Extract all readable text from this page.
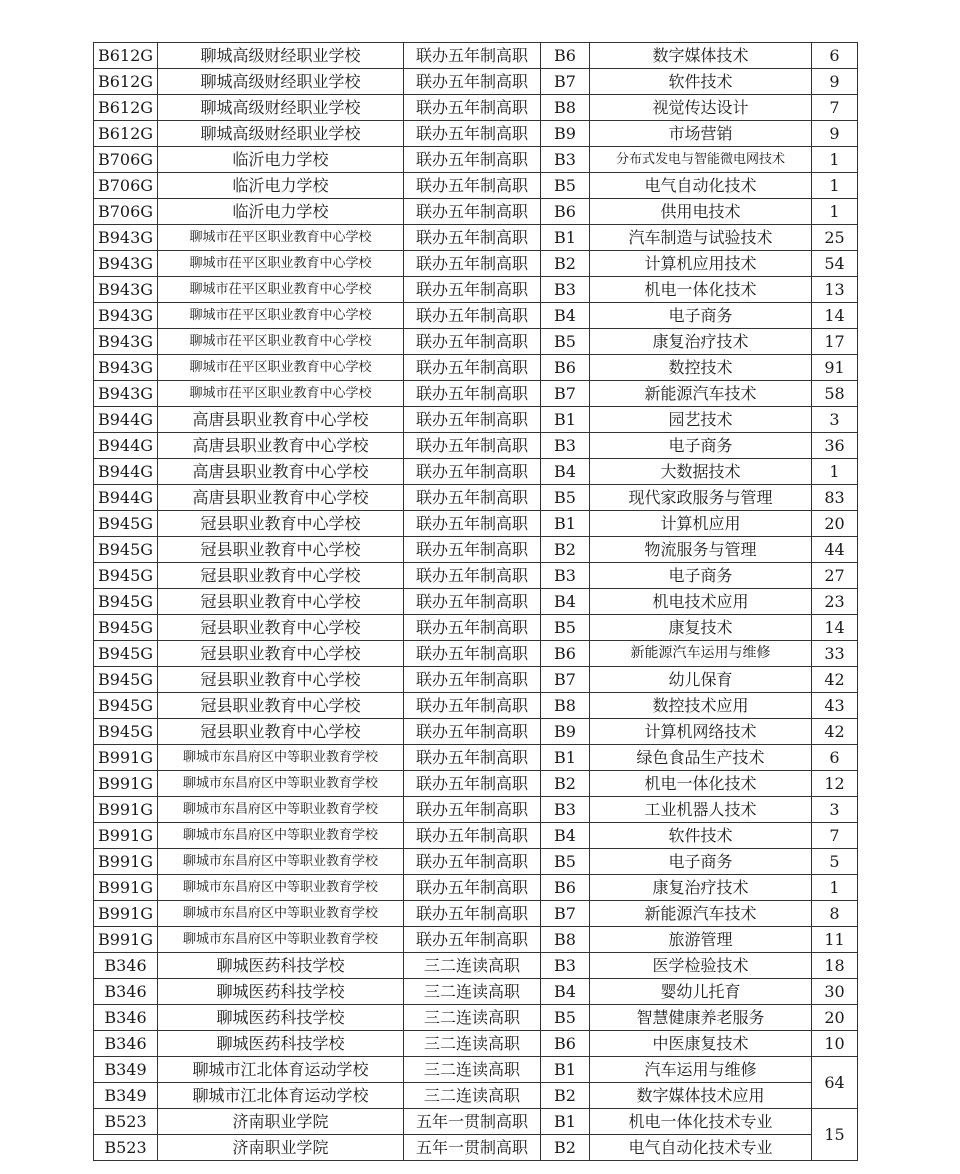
B612G	聊城高级财经职业学校	联办五年制高职	B6	数字媒体技术	6
B612G	聊城高级财经职业学校	联办五年制高职	B7	软件技术	9
B612G	聊城高级财经职业学校	联办五年制高职	B8	视觉传达设计	7
B612G	聊城高级财经职业学校	联办五年制高职	B9	市场营销	9
B706G	临沂电力学校	联办五年制高职	B3	分布式发电与智能微电网技术	1
B706G	临沂电力学校	联办五年制高职	B5	电气自动化技术	1
B706G	临沂电力学校	联办五年制高职	B6	供用电技术	1
B943G	聊城市茌平区职业教育中心学校	联办五年制高职	B1	汽车制造与试验技术	25
B943G	聊城市茌平区职业教育中心学校	联办五年制高职	B2	计算机应用技术	54
B943G	聊城市茌平区职业教育中心学校	联办五年制高职	B3	机电一体化技术	13
B943G	聊城市茌平区职业教育中心学校	联办五年制高职	B4	电子商务	14
B943G	聊城市茌平区职业教育中心学校	联办五年制高职	B5	康复治疗技术	17
B943G	聊城市茌平区职业教育中心学校	联办五年制高职	B6	数控技术	91
B943G	聊城市茌平区职业教育中心学校	联办五年制高职	B7	新能源汽车技术	58
B944G	高唐县职业教育中心学校	联办五年制高职	B1	园艺技术	3
B944G	高唐县职业教育中心学校	联办五年制高职	B3	电子商务	36
B944G	高唐县职业教育中心学校	联办五年制高职	B4	大数据技术	1
B944G	高唐县职业教育中心学校	联办五年制高职	B5	现代家政服务与管理	83
B945G	冠县职业教育中心学校	联办五年制高职	B1	计算机应用	20
B945G	冠县职业教育中心学校	联办五年制高职	B2	物流服务与管理	44
B945G	冠县职业教育中心学校	联办五年制高职	B3	电子商务	27
B945G	冠县职业教育中心学校	联办五年制高职	B4	机电技术应用	23
B945G	冠县职业教育中心学校	联办五年制高职	B5	康复技术	14
B945G	冠县职业教育中心学校	联办五年制高职	B6	新能源汽车运用与维修	33
B945G	冠县职业教育中心学校	联办五年制高职	B7	幼儿保育	42
B945G	冠县职业教育中心学校	联办五年制高职	B8	数控技术应用	43
B945G	冠县职业教育中心学校	联办五年制高职	B9	计算机网络技术	42
B991G	聊城市东昌府区中等职业教育学校	联办五年制高职	B1	绿色食品生产技术	6
B991G	聊城市东昌府区中等职业教育学校	联办五年制高职	B2	机电一体化技术	12
B991G	聊城市东昌府区中等职业教育学校	联办五年制高职	B3	工业机器人技术	3
B991G	聊城市东昌府区中等职业教育学校	联办五年制高职	B4	软件技术	7
B991G	聊城市东昌府区中等职业教育学校	联办五年制高职	B5	电子商务	5
B991G	聊城市东昌府区中等职业教育学校	联办五年制高职	B6	康复治疗技术	1
B991G	聊城市东昌府区中等职业教育学校	联办五年制高职	B7	新能源汽车技术	8
B991G	聊城市东昌府区中等职业教育学校	联办五年制高职	B8	旅游管理	11
B346	聊城医药科技学校	三二连读高职	B3	医学检验技术	18
B346	聊城医药科技学校	三二连读高职	B4	婴幼儿托育	30
B346	聊城医药科技学校	三二连读高职	B5	智慧健康养老服务	20
B346	聊城医药科技学校	三二连读高职	B6	中医康复技术	10
B349	聊城市江北体育运动学校	三二连读高职	B1	汽车运用与维修	64
B349	聊城市江北体育运动学校	三二连读高职	B2	数字媒体技术应用	
B523	济南职业学院	五年一贯制高职	B1	机电一体化技术专业	15
B523	济南职业学院	五年一贯制高职	B2	电气自动化技术专业	
